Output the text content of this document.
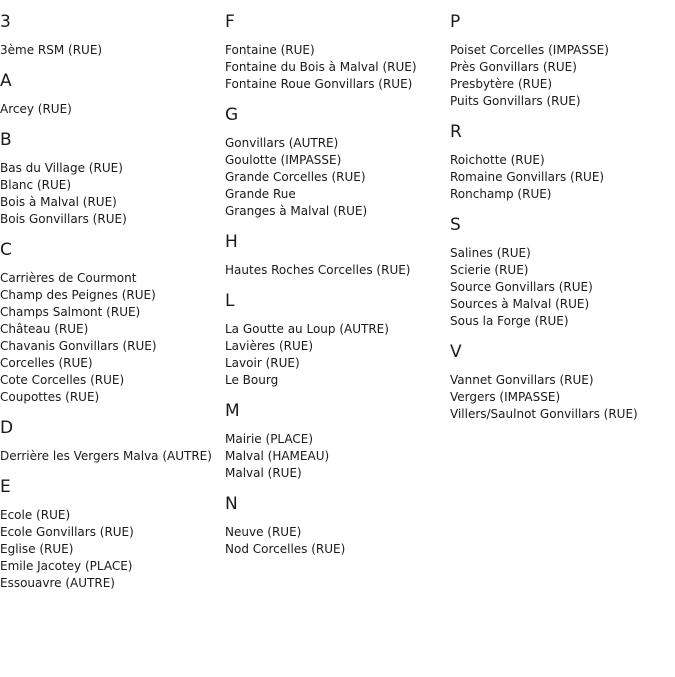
3
3ème RSM (RUE)
A
Arcey (RUE)
B
Bas du Village (RUE)
Blanc (RUE)
Bois à Malval (RUE)
Bois Gonvillars (RUE)
C
Carrières de Courmont
Champ des Peignes (RUE)
Champs Salmont (RUE)
Château (RUE)
Chavanis Gonvillars (RUE)
Corcelles (RUE)
Cote Corcelles (RUE)
Coupottes (RUE)
D
Derrière les Vergers Malva (AUTRE)
E
Ecole (RUE)
Ecole Gonvillars (RUE)
Eglise (RUE)
Emile Jacotey (PLACE)
Essouavre (AUTRE)
F
Fontaine (RUE)
Fontaine du Bois à Malval (RUE)
Fontaine Roue Gonvillars (RUE)
G
Gonvillars (AUTRE)
Goulotte (IMPASSE)
Grande Corcelles (RUE)
Grande Rue
Granges à Malval (RUE)
H
Hautes Roches Corcelles (RUE)
L
La Goutte au Loup (AUTRE)
Lavières (RUE)
Lavoir (RUE)
Le Bourg
M
Mairie (PLACE)
Malval (HAMEAU)
Malval (RUE)
N
Neuve (RUE)
Nod Corcelles (RUE)
P
Poiset Corcelles (IMPASSE)
Près Gonvillars (RUE)
Presbytère (RUE)
Puits Gonvillars (RUE)
R
Roichotte (RUE)
Romaine Gonvillars (RUE)
Ronchamp (RUE)
S
Salines (RUE)
Scierie (RUE)
Source Gonvillars (RUE)
Sources à Malval (RUE)
Sous la Forge (RUE)
V
Vannet Gonvillars (RUE)
Vergers (IMPASSE)
Villers/Saulnot Gonvillars (RUE)
